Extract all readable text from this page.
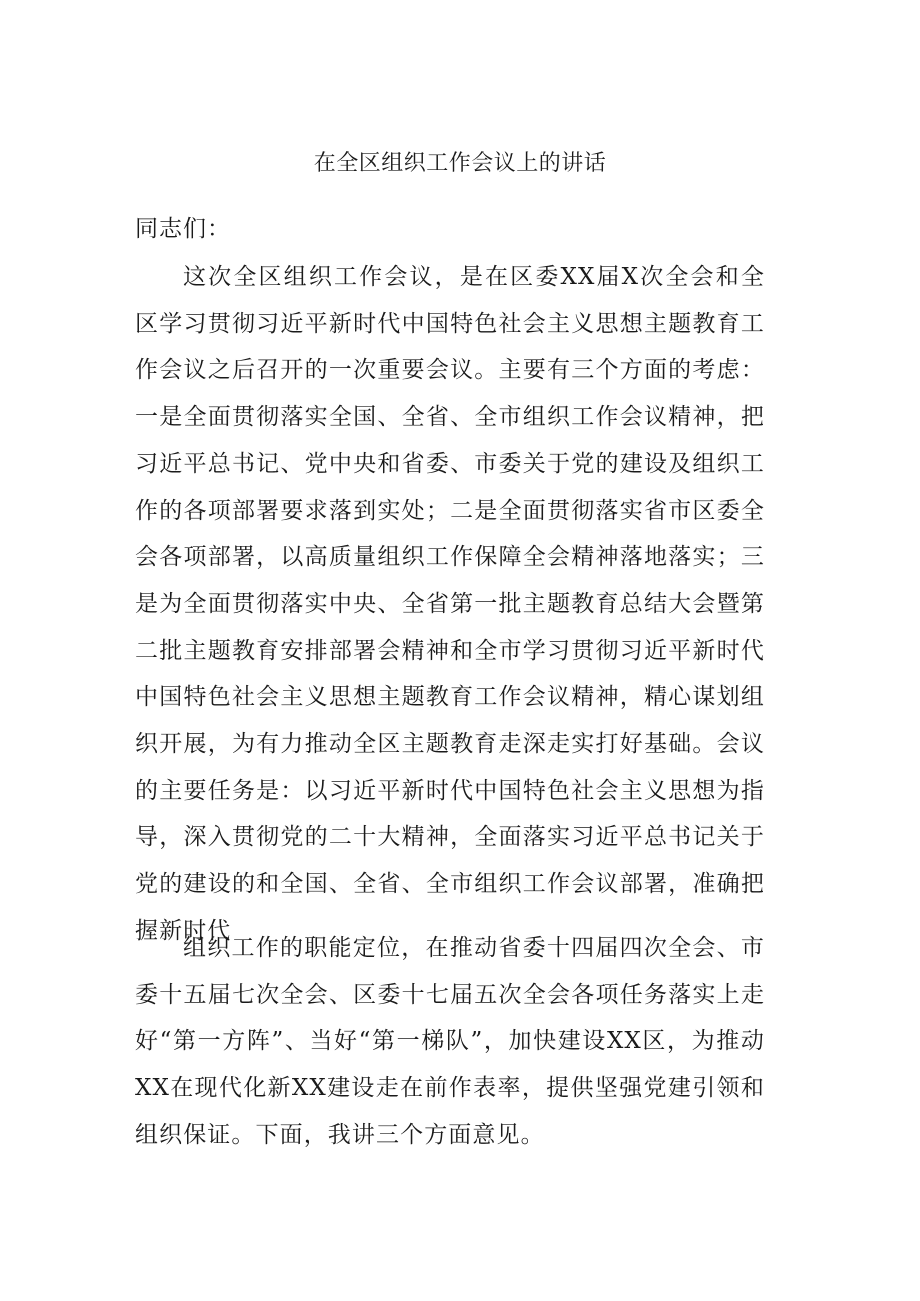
在全区组织工作会议上的讲话
同志们：

这次全区组织工作会议，是在区委XX届X次全会和全区学习贯彻习近平新时代中国特色社会主义思想主题教育工作会议之后召开的一次重要会议。主要有三个方面的考虑：一是全面贯彻落实全国、全省、全市组织工作会议精神，把习近平总书记、党中央和省委、市委关于党的建设及组织工作的各项部署要求落到实处；二是全面贯彻落实省市区委全会各项部署，以高质量组织工作保障全会精神落地落实；三是为全面贯彻落实中央、全省第一批主题教育总结大会暨第二批主题教育安排部署会精神和全市学习贯彻习近平新时代中国特色社会主义思想主题教育工作会议精神，精心谋划组织开展，为有力推动全区主题教育走深走实打好基础。会议的主要任务是：以习近平新时代中国特色社会主义思想为指导，深入贯彻党的二十大精神，全面落实习近平总书记关于党的建设的和全国、全省、全市组织工作会议部署，准确把握新时代

组织工作的职能定位，在推动省委十四届四次全会、市委十五届七次全会、区委十七届五次全会各项任务落实上走好“第一方阵”、当好“第一梯队”，加快建设XX区，为推动XX在现代化新XX建设走在前作表率，提供坚强党建引领和组织保证。下面，我讲三个方面意见。
